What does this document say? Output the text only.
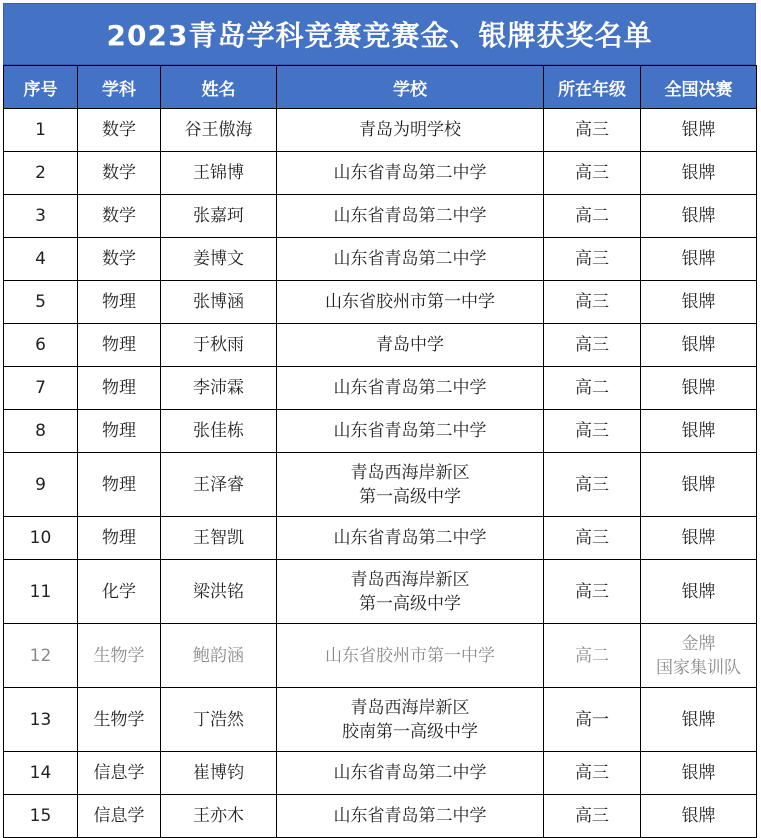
2023青岛学科竞赛竞赛金、银牌获奖名单
序号	学科	姓名	学校	所在年级	全国决赛

1	数学	谷王傲海	青岛为明学校	高三	银牌

2	数学	王锦博	山东省青岛第二中学	高三	银牌

3	数学	张嘉珂	山东省青岛第二中学	高二	银牌

4	数学	姜博文	山东省青岛第二中学	高三	银牌

5	物理	张博涵	山东省胶州市第一中学	高三	银牌

6	物理	于秋雨	青岛中学	高三	银牌

7	物理	李沛霖	山东省青岛第二中学	高二	银牌

8	物理	张佳栋	山东省青岛第二中学	高三	银牌

9	物理	王泽睿	青岛西海岸新区
第一高级中学	高三	银牌

10	物理	王智凯	山东省青岛第二中学	高三	银牌

11	化学	梁洪铭	青岛西海岸新区
第一高级中学	高三	银牌

12	生物学	鲍韵涵	山东省胶州市第一中学	高二	金牌
国家集训队

13	生物学	丁浩然	青岛西海岸新区
胶南第一高级中学	高一	银牌

14	信息学	崔博钧	山东省青岛第二中学	高三	银牌

15	信息学	王亦木	山东省青岛第二中学	高三	银牌
